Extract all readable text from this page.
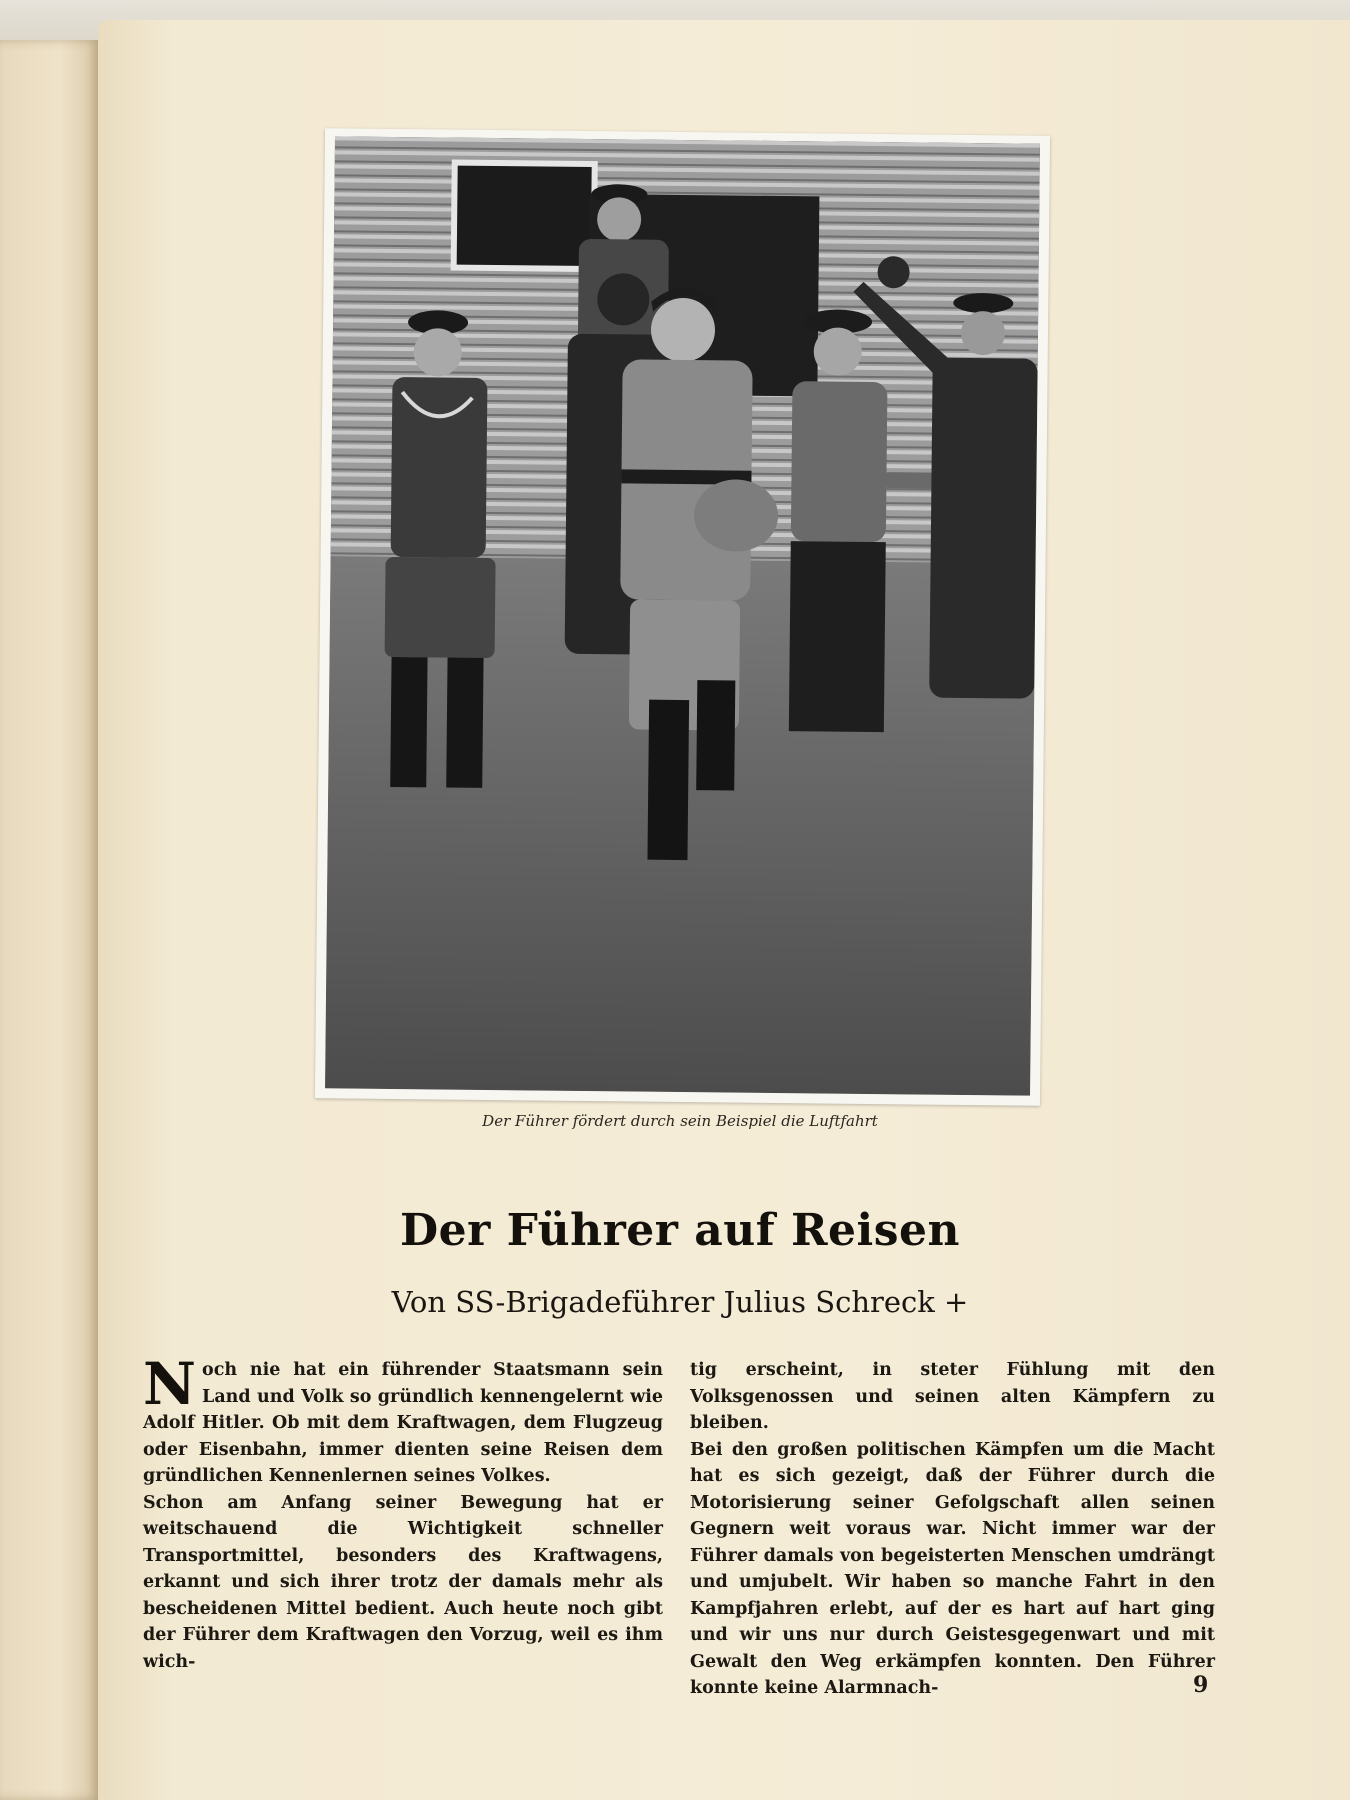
Der Führer fördert durch sein Beispiel die Luftfahrt
Der Führer auf Reisen
Von SS-Brigadeführer Julius Schreck +

Noch nie hat ein führender Staatsmann sein Land und Volk so gründlich kennengelernt wie Adolf Hitler. Ob mit dem Kraftwagen, dem Flugzeug oder Eisenbahn, immer dienten seine Reisen dem gründlichen Kennenlernen seines Volkes.

Schon am Anfang seiner Bewegung hat er weitschauend die Wichtigkeit schneller Transportmittel, besonders des Kraftwagens, erkannt und sich ihrer trotz der damals mehr als bescheidenen Mittel bedient. Auch heute noch gibt der Führer dem Kraftwagen den Vorzug, weil es ihm wich-

tig erscheint, in steter Fühlung mit den Volksgenossen und seinen alten Kämpfern zu bleiben.

Bei den großen politischen Kämpfen um die Macht hat es sich gezeigt, daß der Führer durch die Motorisierung seiner Gefolgschaft allen seinen Gegnern weit voraus war. Nicht immer war der Führer damals von begeisterten Menschen umdrängt und umjubelt. Wir haben so manche Fahrt in den Kampfjahren erlebt, auf der es hart auf hart ging und wir uns nur durch Geistesgegenwart und mit Gewalt den Weg erkämpfen konnten. Den Führer konnte keine Alarmnach-	9
